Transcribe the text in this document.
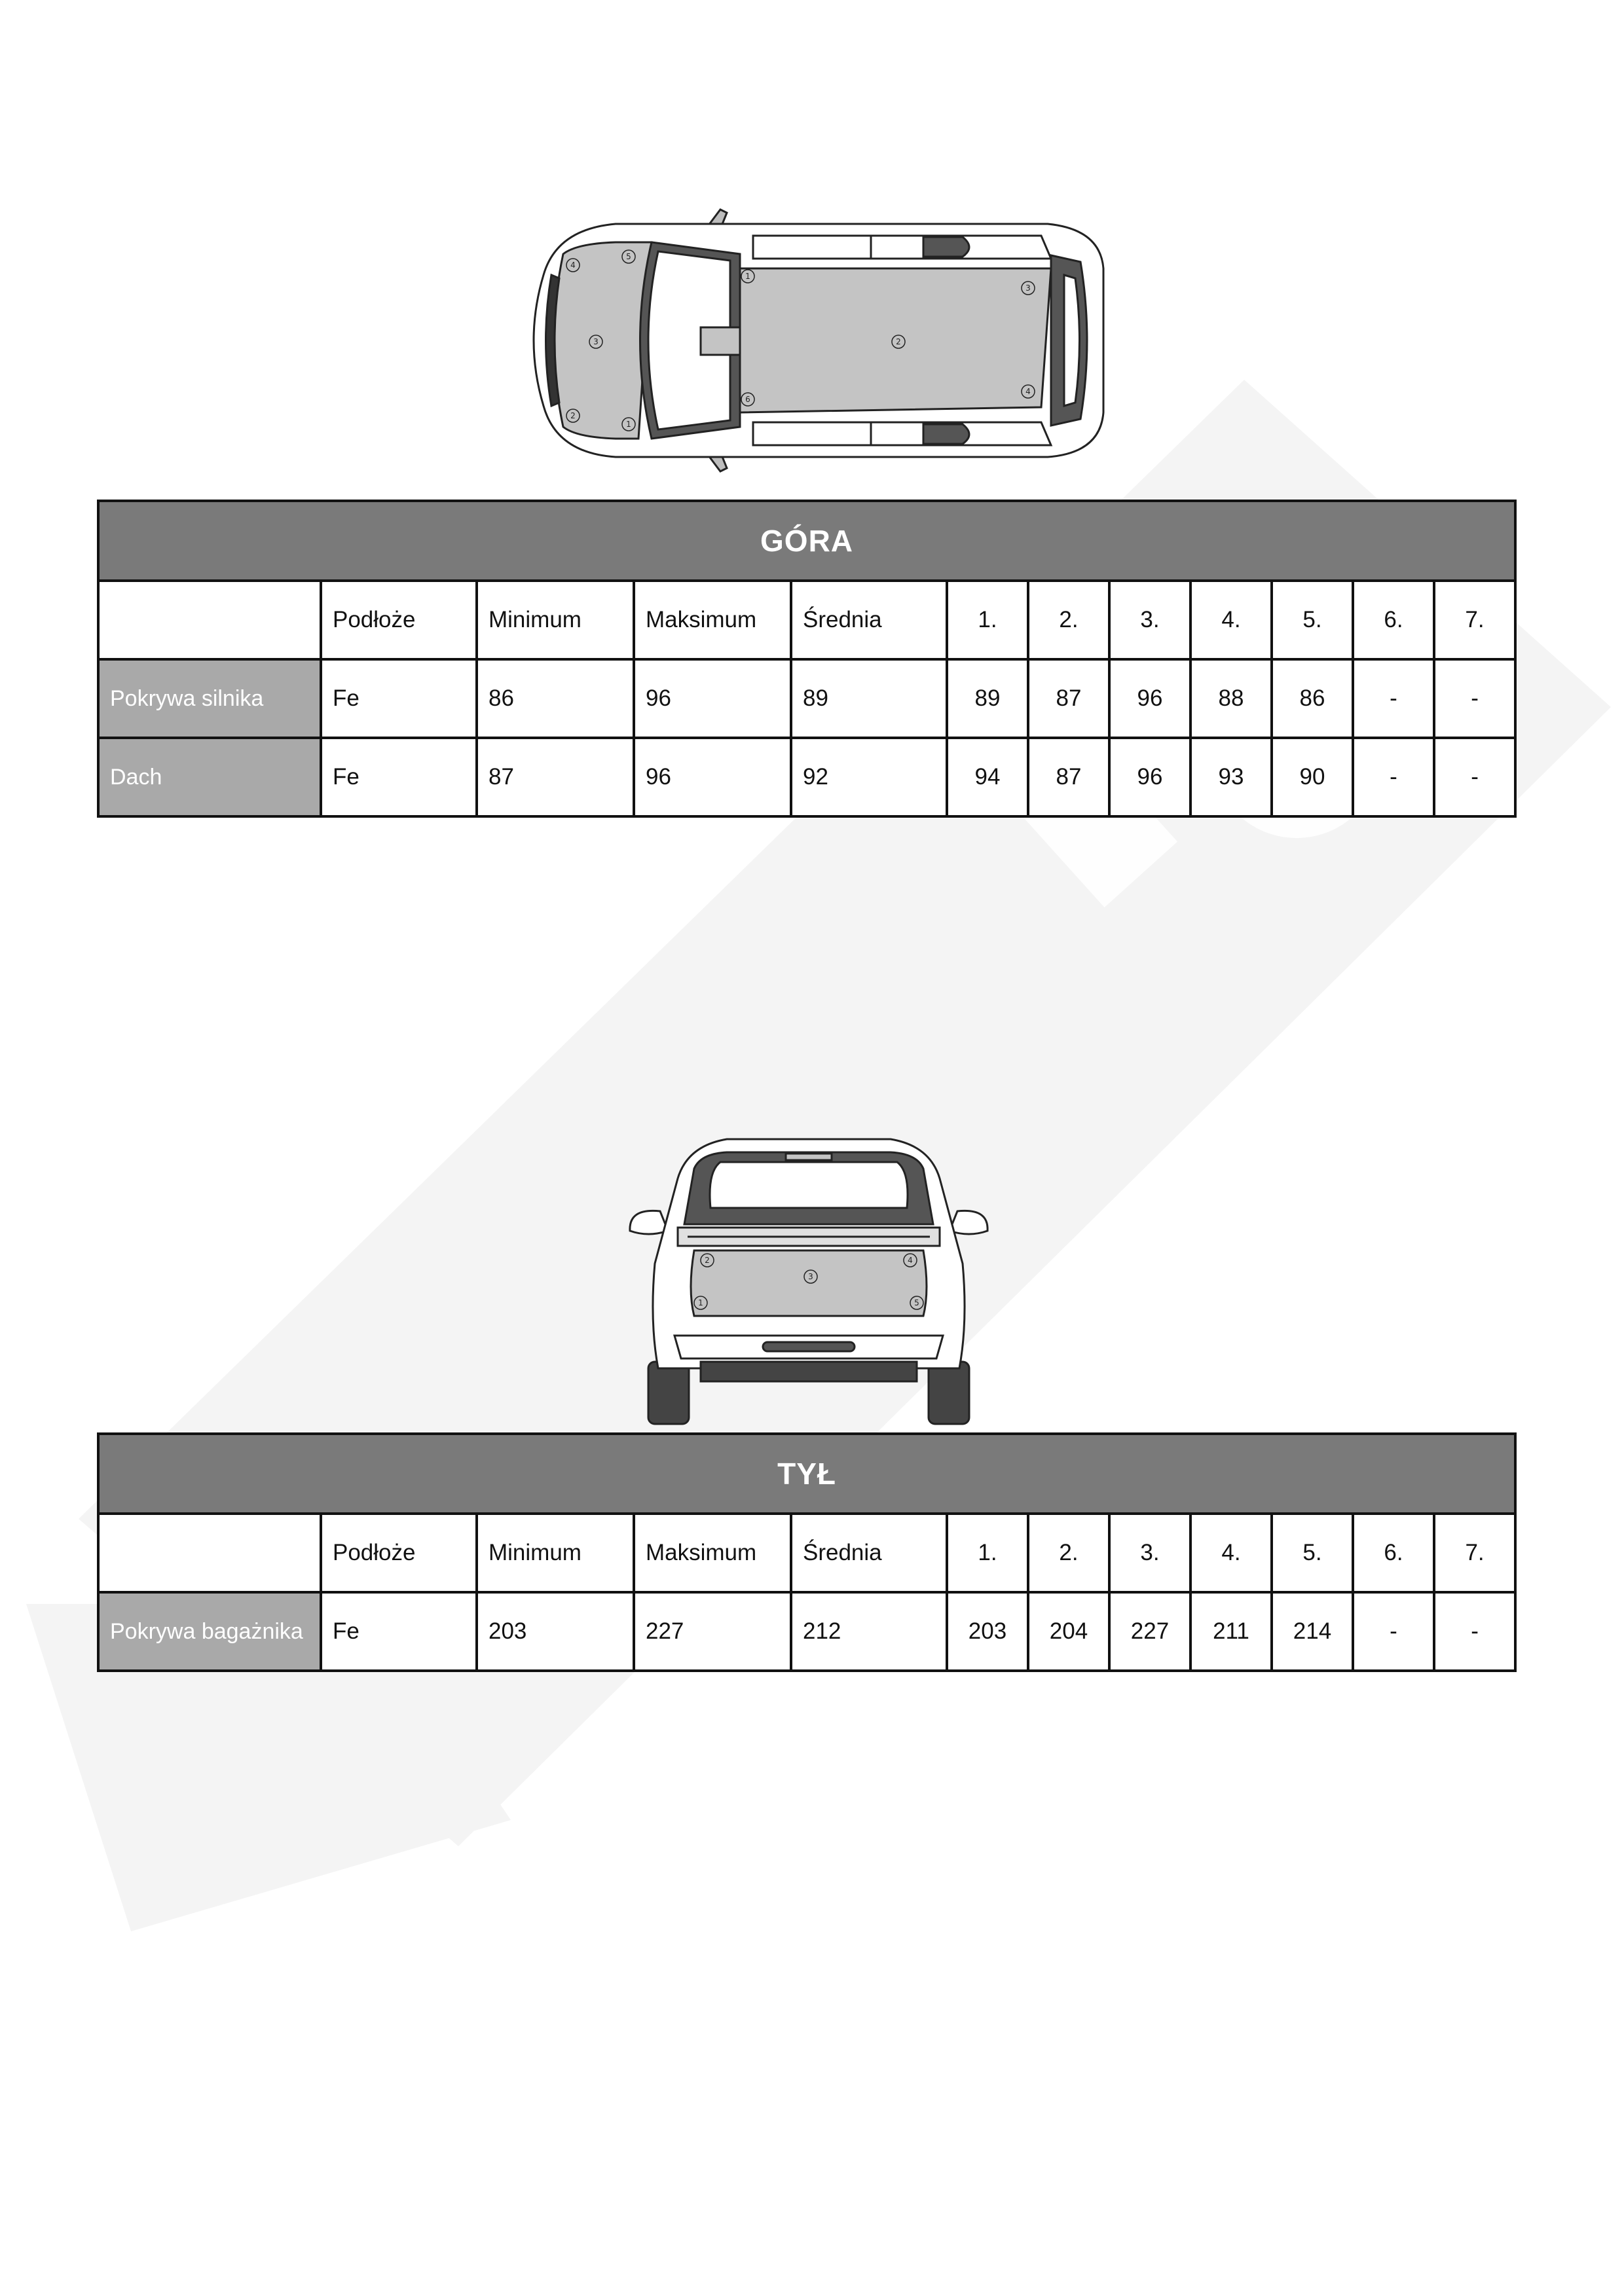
4
5
3
2
1
1
3
2
6
4
GÓRA											
	Podłoże	Minimum	Maksimum	Średnia	1.	2.	3.	4.	5.	6.	7.
Pokrywa silnika	Fe	86	96	89	89	87	96	88	86	-	-
Dach	Fe	87	96	92	94	87	96	93	90	-	-
2
3
4
1	5
TYŁ											
	Podłoże	Minimum	Maksimum	Średnia	1.	2.	3.	4.	5.	6.	7.
Pokrywa bagażnika	Fe	203	227	212	203	204	227	211	214	-	-
